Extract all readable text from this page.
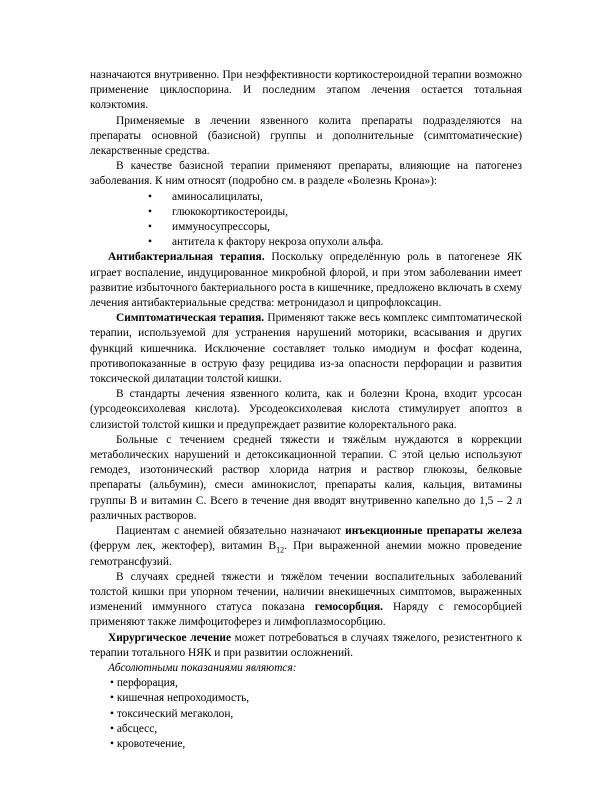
назначаются внутривенно. При неэффективности кортикостероидной терапии возможно применение циклоспорина. И последним этапом лечения остается тотальная колэктомия.

Применяемые в лечении язвенного колита препараты подразделяются на препараты основной (базисной) группы и дополнительные (симптоматические) лекарственные средства.

В качестве базисной терапии применяют препараты, влияющие на патогенез заболевания. К ним относят (подробно см. в разделе «Болезнь Крона»):

• аминосалицилаты,
• глюкокортикостероиды,
• иммуносупрессоры,
• антитела к фактору некроза опухоли альфа.

Антибактериальная терапия. Поскольку определённую роль в патогенезе ЯК играет воспаление, индуцированное микробной флорой, и при этом заболевании имеет развитие избыточного бактериального роста в кишечнике, предложено включать в схему лечения антибактериальные средства: метронидазол и ципрофлоксацин.

Симптоматическая терапия. Применяют также весь комплекс симптоматической терапии, используемой для устранения нарушений моторики, всасывания и других функций кишечника. Исключение составляет только имодиум и фосфат кодеина, противопоказанные в острую фазу рецидива из-за опасности перфорации и развития токсической дилатации толстой кишки.

В стандарты лечения язвенного колита, как и болезни Крона, входит урсосан (урсодеоксихолевая кислота). Урсодеоксихолевая кислота стимулирует апоптоз в слизистой толстой кишки и предупреждает развитие колоректального рака.

Больные с течением средней тяжести и тяжёлым нуждаются в коррекции метаболических нарушений и детоксикационной терапии. С этой целью используют гемодез, изотонический раствор хлорида натрия и раствор глюкозы, белковые препараты (альбумин), смеси аминокислот, препараты калия, кальция, витамины группы В и витамин С. Всего в течение дня вводят внутривенно капельно до 1,5 – 2 л различных растворов.

Пациентам с анемией обязательно назначают инъекционные препараты железа (феррум лек, жектофер), витамин $В_{12}$. При выраженной анемии можно проведение гемотрансфузий.

В случаях средней тяжести и тяжёлом течении воспалительных заболеваний толстой кишки при упорном течении, наличии внекишечных симптомов, выраженных изменений иммунного статуса показана гемосорбция. Наряду с гемосорбцией применяют также лимфоцитоферез и лимфоплазмосорбцию.

Хирургическое лечение может потребоваться в случаях тяжелого, резистентного к терапии тотального НЯК и при развитии осложнений.

Абсолютными показаниями являются:

• перфорация,
• кишечная непроходимость,
• токсический мегаколон,
• абсцесс,
• кровотечение,
